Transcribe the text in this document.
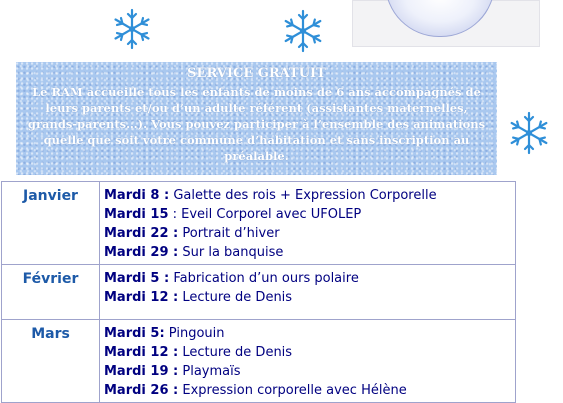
SERVICE GRATUIT
Le RAM accueille tous les enfants de moins de 6 ans accompagnés de leurs parents et/ou d’un adulte référent (assistantes maternelles, grands-parents…). Vous pouvez participer à l’ensemble des animations quelle que soit votre commune d’habitation et sans inscription au préalable.
Janvier	Mardi 8 : Galette des rois + Expression Corporelle
Mardi 15 : Eveil Corporel avec UFOLEP
Mardi 22 : Portrait d’hiver
Mardi 29 : Sur la banquise

Février	Mardi 5 : Fabrication d’un ours polaire
Mardi 12 : Lecture de Denis

Mars	Mardi 5: Pingouin
Mardi 12 : Lecture de Denis
Mardi 19 : Playmaïs
Mardi 26 : Expression corporelle avec Hélène
